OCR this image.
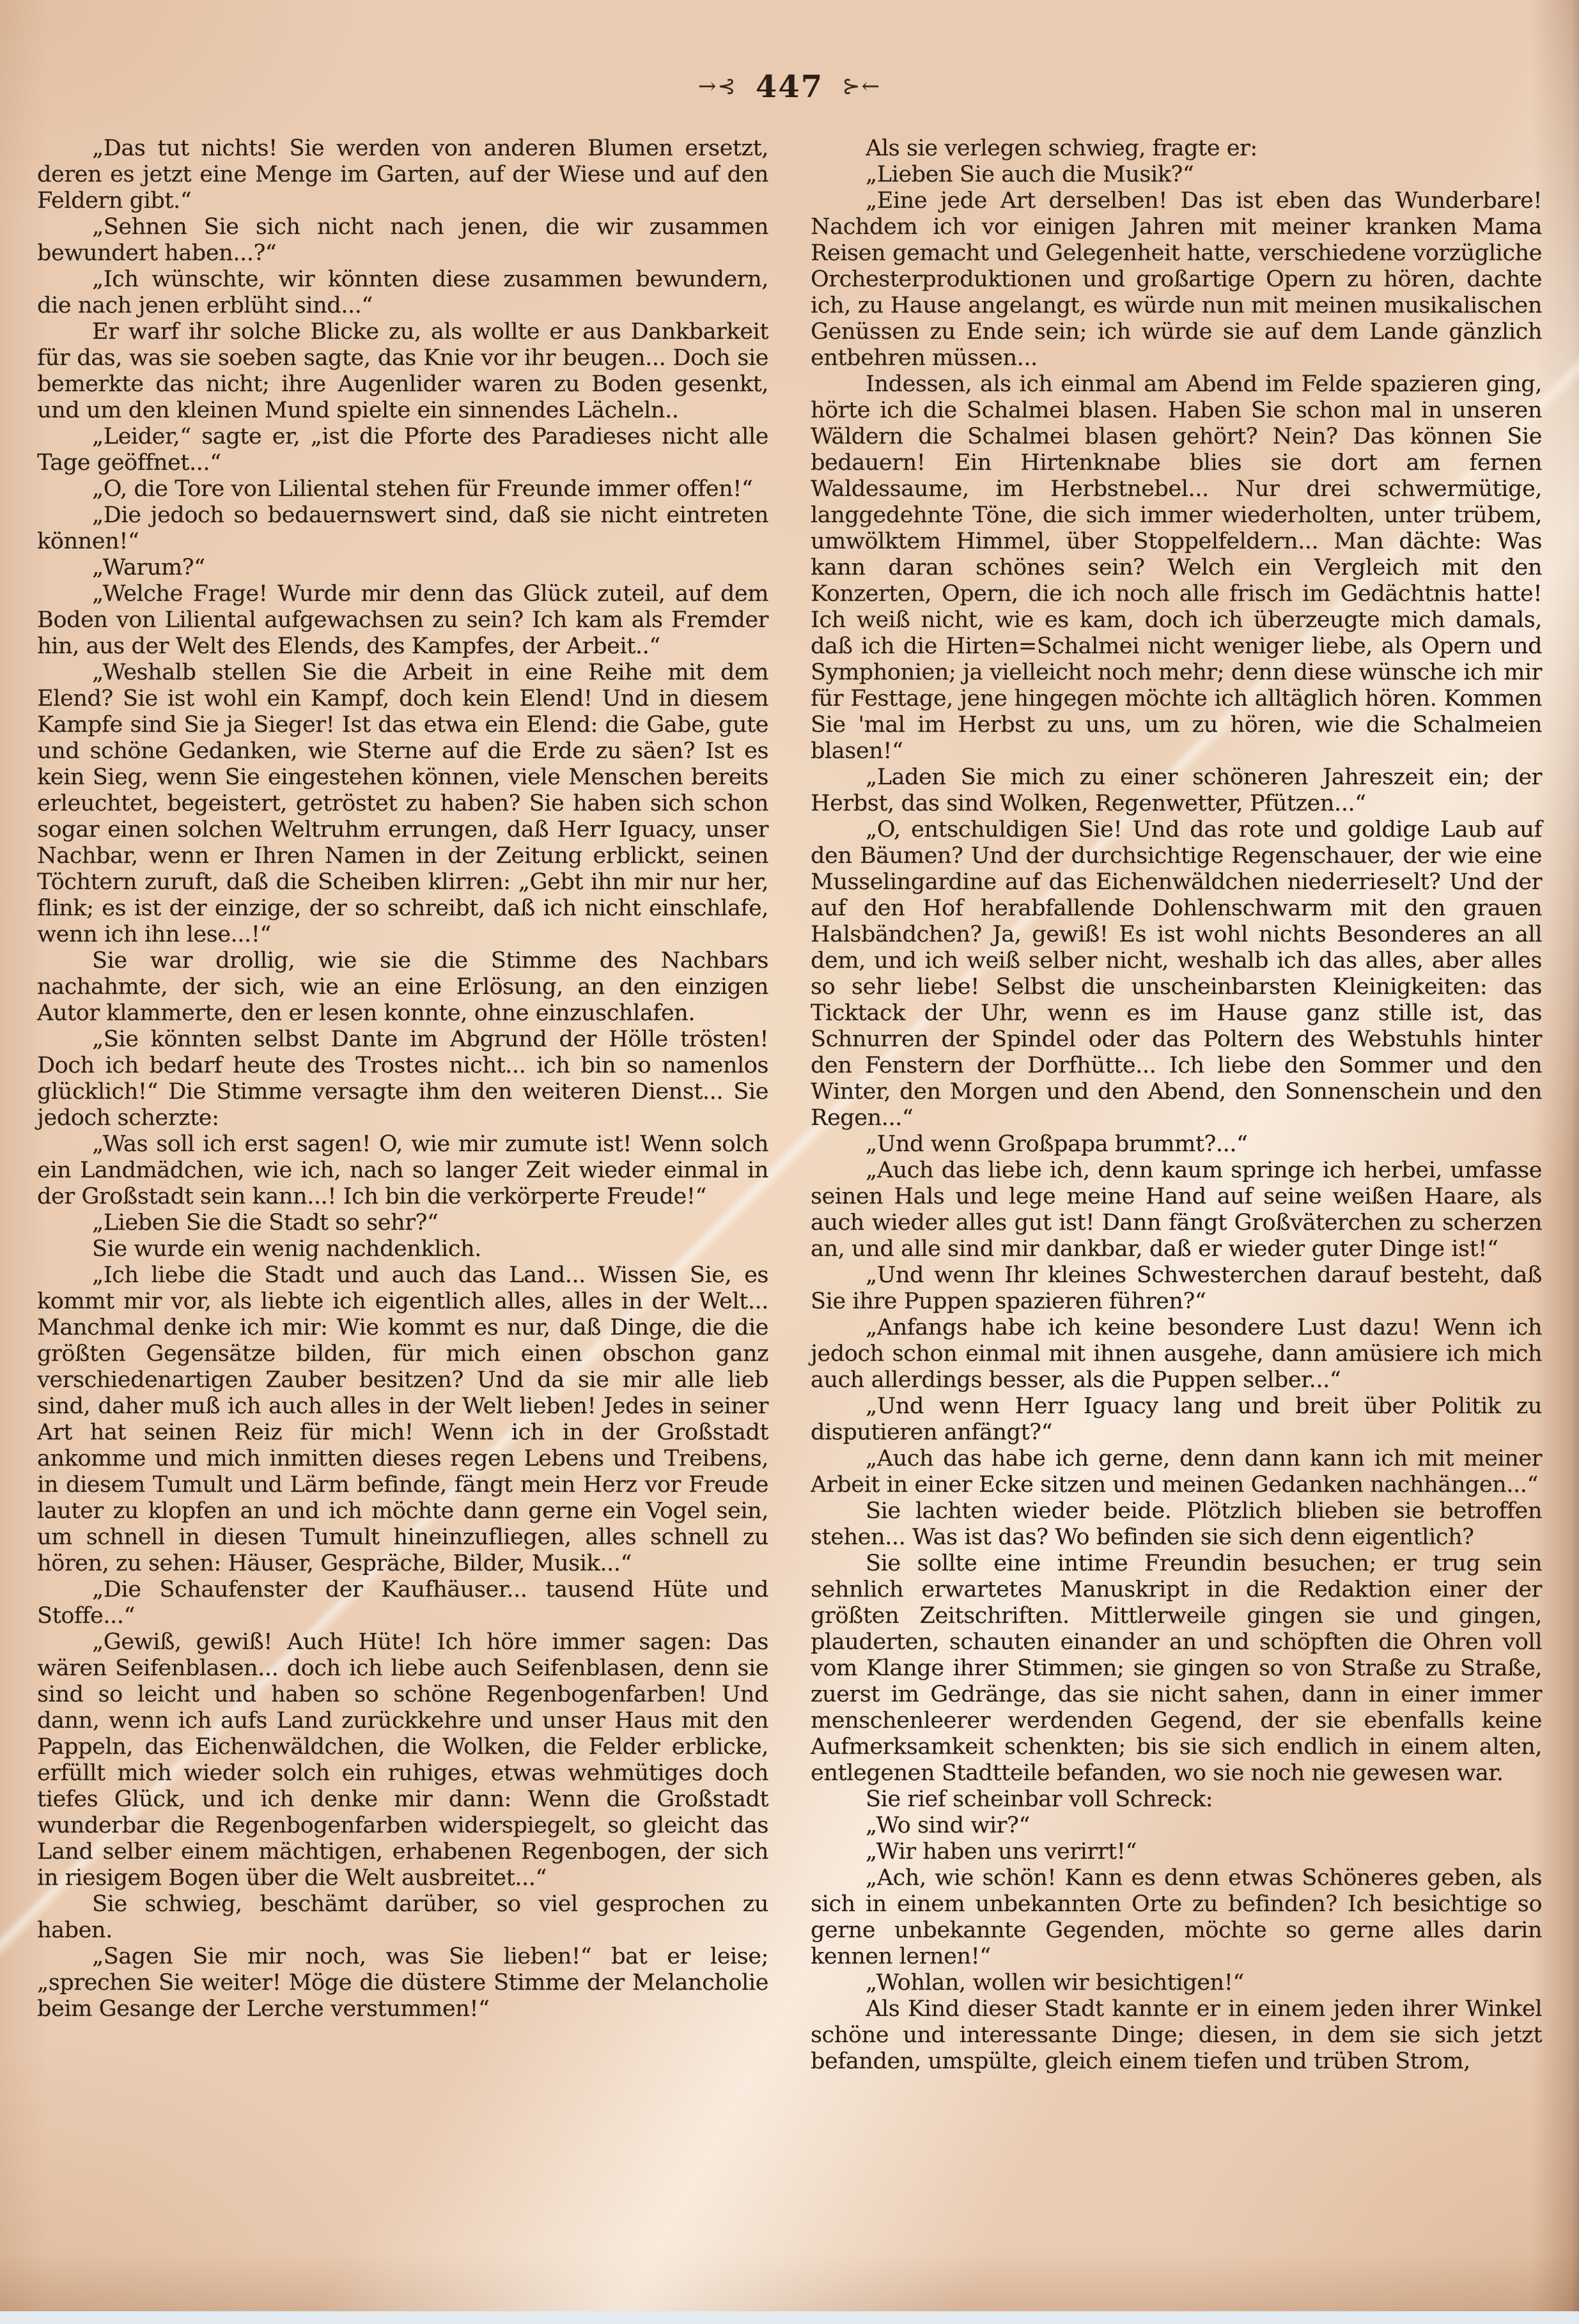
→⊰ 447 ⊱←

„Das tut nichts! Sie werden von anderen Blumen ersetzt, deren es jetzt eine Menge im Garten, auf der Wiese und auf den Feldern gibt.“

„Sehnen Sie sich nicht nach jenen, die wir zusammen bewundert haben...?“

„Ich wünschte, wir könnten diese zusammen bewundern, die nach jenen erblüht sind...“

Er warf ihr solche Blicke zu, als wollte er aus Dankbarkeit für das, was sie soeben sagte, das Knie vor ihr beugen... Doch sie bemerkte das nicht; ihre Augenlider waren zu Boden gesenkt, und um den kleinen Mund spielte ein sinnendes Lächeln..

„Leider,“ sagte er, „ist die Pforte des Paradieses nicht alle Tage geöffnet...“

„O, die Tore von Liliental stehen für Freunde immer offen!“

„Die jedoch so bedauernswert sind, daß sie nicht eintreten können!“

„Warum?“

„Welche Frage! Wurde mir denn das Glück zuteil, auf dem Boden von Liliental aufgewachsen zu sein? Ich kam als Fremder hin, aus der Welt des Elends, des Kampfes, der Arbeit..“

„Weshalb stellen Sie die Arbeit in eine Reihe mit dem Elend? Sie ist wohl ein Kampf, doch kein Elend! Und in diesem Kampfe sind Sie ja Sieger! Ist das etwa ein Elend: die Gabe, gute und schöne Gedanken, wie Sterne auf die Erde zu säen? Ist es kein Sieg, wenn Sie eingestehen können, viele Menschen bereits erleuchtet, begeistert, getröstet zu haben? Sie haben sich schon sogar einen solchen Weltruhm errungen, daß Herr Iguacy, unser Nachbar, wenn er Ihren Namen in der Zeitung erblickt, seinen Töchtern zuruft, daß die Scheiben klirren: „Gebt ihn mir nur her, flink; es ist der einzige, der so schreibt, daß ich nicht einschlafe, wenn ich ihn lese...!“

Sie war drollig, wie sie die Stimme des Nachbars nachahmte, der sich, wie an eine Erlösung, an den einzigen Autor klammerte, den er lesen konnte, ohne einzuschlafen.

„Sie könnten selbst Dante im Abgrund der Hölle trösten! Doch ich bedarf heute des Trostes nicht... ich bin so namenlos glücklich!“ Die Stimme versagte ihm den weiteren Dienst... Sie jedoch scherzte:

„Was soll ich erst sagen! O, wie mir zumute ist! Wenn solch ein Landmädchen, wie ich, nach so langer Zeit wieder einmal in der Großstadt sein kann...! Ich bin die verkörperte Freude!“

„Lieben Sie die Stadt so sehr?“

Sie wurde ein wenig nachdenklich.

„Ich liebe die Stadt und auch das Land... Wissen Sie, es kommt mir vor, als liebte ich eigentlich alles, alles in der Welt... Manchmal denke ich mir: Wie kommt es nur, daß Dinge, die die größten Gegensätze bilden, für mich einen obschon ganz verschiedenartigen Zauber besitzen? Und da sie mir alle lieb sind, daher muß ich auch alles in der Welt lieben! Jedes in seiner Art hat seinen Reiz für mich! Wenn ich in der Großstadt ankomme und mich inmitten dieses regen Lebens und Treibens, in diesem Tumult und Lärm befinde, fängt mein Herz vor Freude lauter zu klopfen an und ich möchte dann gerne ein Vogel sein, um schnell in diesen Tumult hineinzufliegen, alles schnell zu hören, zu sehen: Häuser, Gespräche, Bilder, Musik...“

„Die Schaufenster der Kaufhäuser... tausend Hüte und Stoffe...“

„Gewiß, gewiß! Auch Hüte! Ich höre immer sagen: Das wären Seifenblasen... doch ich liebe auch Seifenblasen, denn sie sind so leicht und haben so schöne Regenbogenfarben! Und dann, wenn ich aufs Land zurückkehre und unser Haus mit den Pappeln, das Eichenwäldchen, die Wolken, die Felder erblicke, erfüllt mich wieder solch ein ruhiges, etwas wehmütiges doch tiefes Glück, und ich denke mir dann: Wenn die Großstadt wunderbar die Regenbogenfarben widerspiegelt, so gleicht das Land selber einem mächtigen, erhabenen Regenbogen, der sich in riesigem Bogen über die Welt ausbreitet...“

Sie schwieg, beschämt darüber, so viel gesprochen zu haben.

„Sagen Sie mir noch, was Sie lieben!“ bat er leise; „sprechen Sie weiter! Möge die düstere Stimme der Melancholie beim Gesange der Lerche verstummen!“

Als sie verlegen schwieg, fragte er:

„Lieben Sie auch die Musik?“

„Eine jede Art derselben! Das ist eben das Wunderbare! Nachdem ich vor einigen Jahren mit meiner kranken Mama Reisen gemacht und Gelegenheit hatte, verschiedene vorzügliche Orchesterproduktionen und großartige Opern zu hören, dachte ich, zu Hause angelangt, es würde nun mit meinen musikalischen Genüssen zu Ende sein; ich würde sie auf dem Lande gänzlich entbehren müssen...

Indessen, als ich einmal am Abend im Felde spazieren ging, hörte ich die Schalmei blasen. Haben Sie schon mal in unseren Wäldern die Schalmei blasen gehört? Nein? Das können Sie bedauern! Ein Hirtenknabe blies sie dort am fernen Waldessaume, im Herbstnebel... Nur drei schwermütige, langgedehnte Töne, die sich immer wiederholten, unter trübem, umwölktem Himmel, über Stoppelfeldern... Man dächte: Was kann daran schönes sein? Welch ein Vergleich mit den Konzerten, Opern, die ich noch alle frisch im Gedächtnis hatte! Ich weiß nicht, wie es kam, doch ich überzeugte mich damals, daß ich die Hirten=Schalmei nicht weniger liebe, als Opern und Symphonien; ja vielleicht noch mehr; denn diese wünsche ich mir für Festtage, jene hingegen möchte ich alltäglich hören. Kommen Sie 'mal im Herbst zu uns, um zu hören, wie die Schalmeien blasen!“

„Laden Sie mich zu einer schöneren Jahreszeit ein; der Herbst, das sind Wolken, Regenwetter, Pfützen...“

„O, entschuldigen Sie! Und das rote und goldige Laub auf den Bäumen? Und der durchsichtige Regenschauer, der wie eine Musselingardine auf das Eichenwäldchen niederrieselt? Und der auf den Hof herabfallende Dohlenschwarm mit den grauen Halsbändchen? Ja, gewiß! Es ist wohl nichts Besonderes an all dem, und ich weiß selber nicht, weshalb ich das alles, aber alles so sehr liebe! Selbst die unscheinbarsten Kleinigkeiten: das Ticktack der Uhr, wenn es im Hause ganz stille ist, das Schnurren der Spindel oder das Poltern des Webstuhls hinter den Fenstern der Dorfhütte... Ich liebe den Sommer und den Winter, den Morgen und den Abend, den Sonnenschein und den Regen...“

„Und wenn Großpapa brummt?...“

„Auch das liebe ich, denn kaum springe ich herbei, umfasse seinen Hals und lege meine Hand auf seine weißen Haare, als auch wieder alles gut ist! Dann fängt Großväterchen zu scherzen an, und alle sind mir dankbar, daß er wieder guter Dinge ist!“

„Und wenn Ihr kleines Schwesterchen darauf besteht, daß Sie ihre Puppen spazieren führen?“

„Anfangs habe ich keine besondere Lust dazu! Wenn ich jedoch schon einmal mit ihnen ausgehe, dann amüsiere ich mich auch allerdings besser, als die Puppen selber...“

„Und wenn Herr Iguacy lang und breit über Politik zu disputieren anfängt?“

„Auch das habe ich gerne, denn dann kann ich mit meiner Arbeit in einer Ecke sitzen und meinen Gedanken nachhängen...“

Sie lachten wieder beide. Plötzlich blieben sie betroffen stehen... Was ist das? Wo befinden sie sich denn eigentlich?

Sie sollte eine intime Freundin besuchen; er trug sein sehnlich erwartetes Manuskript in die Redaktion einer der größten Zeitschriften. Mittlerweile gingen sie und gingen, plauderten, schauten einander an und schöpften die Ohren voll vom Klange ihrer Stimmen; sie gingen so von Straße zu Straße, zuerst im Gedränge, das sie nicht sahen, dann in einer immer menschenleerer werdenden Gegend, der sie ebenfalls keine Aufmerksamkeit schenkten; bis sie sich endlich in einem alten, entlegenen Stadtteile befanden, wo sie noch nie gewesen war.

Sie rief scheinbar voll Schreck:

„Wo sind wir?“

„Wir haben uns verirrt!“

„Ach, wie schön! Kann es denn etwas Schöneres geben, als sich in einem unbekannten Orte zu befinden? Ich besichtige so gerne unbekannte Gegenden, möchte so gerne alles darin kennen lernen!“

„Wohlan, wollen wir besichtigen!“

Als Kind dieser Stadt kannte er in einem jeden ihrer Winkel schöne und interessante Dinge; diesen, in dem sie sich jetzt befanden, umspülte, gleich einem tiefen und trüben Strom,
